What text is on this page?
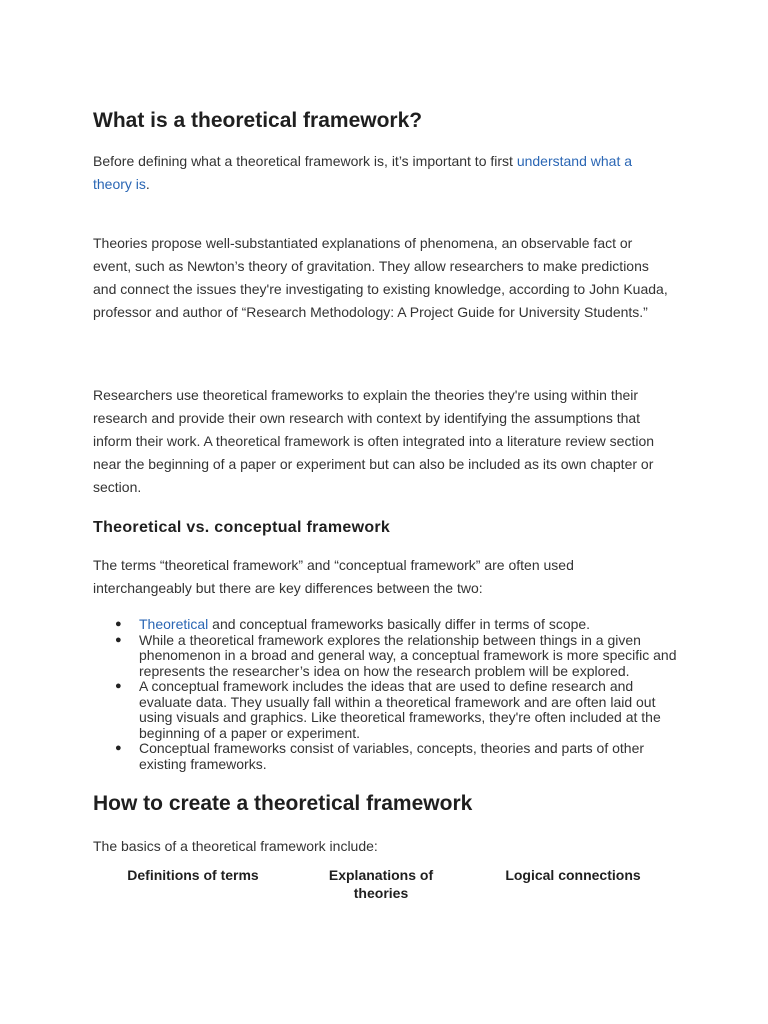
What is a theoretical framework?

Before defining what a theoretical framework is, it’s important to first understand what a theory is.

Theories propose well-substantiated explanations of phenomena, an observable fact or event, such as Newton’s theory of gravitation. They allow researchers to make predictions and connect the issues they're investigating to existing knowledge, according to John Kuada, professor and author of “Research Methodology: A Project Guide for University Students.”

Researchers use theoretical frameworks to explain the theories they're using within their research and provide their own research with context by identifying the assumptions that inform their work. A theoretical framework is often integrated into a literature review section near the beginning of a paper or experiment but can also be included as its own chapter or section.

Theoretical vs. conceptual framework

The terms “theoretical framework” and “conceptual framework” are often used interchangeably but there are key differences between the two:

● Theoretical and conceptual frameworks basically differ in terms of scope.
● While a theoretical framework explores the relationship between things in a given phenomenon in a broad and general way, a conceptual framework is more specific and represents the researcher’s idea on how the research problem will be explored.
● A conceptual framework includes the ideas that are used to define research and evaluate data. They usually fall within a theoretical framework and are often laid out using visuals and graphics. Like theoretical frameworks, they're often included at the beginning of a paper or experiment.
● Conceptual frameworks consist of variables, concepts, theories and parts of other existing frameworks.
How to create a theoretical framework

The basics of a theoretical framework include:

Definitions of terms	Explanations of theories
Logical connections
